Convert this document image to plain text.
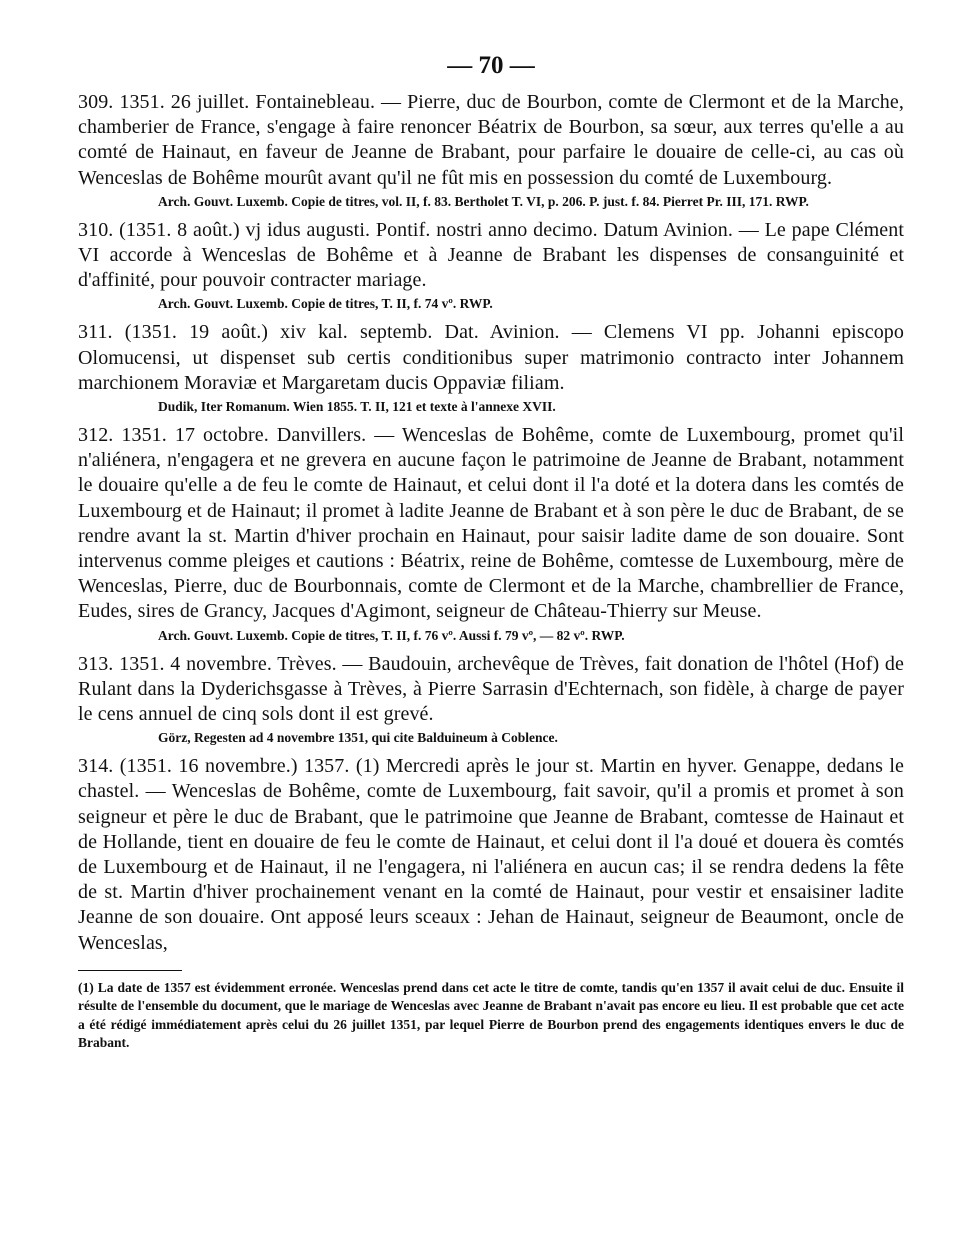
— 70 —

309. 1351. 26 juillet. Fontainebleau. — Pierre, duc de Bourbon, comte de Clermont et de la Marche, chamberier de France, s'engage à faire renoncer Béatrix de Bourbon, sa sœur, aux terres qu'elle a au comté de Hainaut, en faveur de Jeanne de Brabant, pour parfaire le douaire de celle-ci, au cas où Wenceslas de Bohême mourût avant qu'il ne fût mis en possession du comté de Luxembourg.

Arch. Gouvt. Luxemb. Copie de titres, vol. II, f. 83. Bertholet T. VI, p. 206. P. just. f. 84. Pierret Pr. III, 171. RWP.

310. (1351. 8 août.) vj idus augusti. Pontif. nostri anno decimo. Datum Avinion. — Le pape Clément VI accorde à Wenceslas de Bohême et à Jeanne de Brabant les dispenses de consanguinité et d'affinité, pour pouvoir contracter mariage.

Arch. Gouvt. Luxemb. Copie de titres, T. II, f. 74 vº. RWP.

311. (1351. 19 août.) xiv kal. septemb. Dat. Avinion. — Clemens VI pp. Johanni episcopo Olomucensi, ut dispenset sub certis conditionibus super matrimonio contracto inter Johannem marchionem Moraviæ et Margaretam ducis Oppaviæ filiam.

Dudik, Iter Romanum. Wien 1855. T. II, 121 et texte à l'annexe XVII.

312. 1351. 17 octobre. Danvillers. — Wenceslas de Bohême, comte de Luxembourg, promet qu'il n'aliénera, n'engagera et ne grevera en aucune façon le patrimoine de Jeanne de Brabant, notamment le douaire qu'elle a de feu le comte de Hainaut, et celui dont il l'a doté et la dotera dans les comtés de Luxembourg et de Hainaut; il promet à ladite Jeanne de Brabant et à son père le duc de Brabant, de se rendre avant la st. Martin d'hiver prochain en Hainaut, pour saisir ladite dame de son douaire. Sont intervenus comme pleiges et cautions : Béatrix, reine de Bohême, comtesse de Luxembourg, mère de Wenceslas, Pierre, duc de Bourbonnais, comte de Clermont et de la Marche, chambrellier de France, Eudes, sires de Grancy, Jacques d'Agimont, seigneur de Château-Thierry sur Meuse.

Arch. Gouvt. Luxemb. Copie de titres, T. II, f. 76 vº. Aussi f. 79 vº, — 82 vº. RWP.

313. 1351. 4 novembre. Trèves. — Baudouin, archevêque de Trèves, fait donation de l'hôtel (Hof) de Rulant dans la Dyderichsgasse à Trèves, à Pierre Sarrasin d'Echternach, son fidèle, à charge de payer le cens annuel de cinq sols dont il est grevé.

Görz, Regesten ad 4 novembre 1351, qui cite Balduineum à Coblence.

314. (1351. 16 novembre.) 1357. (1) Mercredi après le jour st. Martin en hyver. Genappe, dedans le chastel. — Wenceslas de Bohême, comte de Luxembourg, fait savoir, qu'il a promis et promet à son seigneur et père le duc de Brabant, que le patrimoine que Jeanne de Brabant, comtesse de Hainaut et de Hollande, tient en douaire de feu le comte de Hainaut, et celui dont il l'a doué et douera ès comtés de Luxembourg et de Hainaut, il ne l'engagera, ni l'aliénera en aucun cas; il se rendra dedens la fête de st. Martin d'hiver prochainement venant en la comté de Hainaut, pour vestir et ensaisiner ladite Jeanne de son douaire. Ont apposé leurs sceaux : Jehan de Hainaut, seigneur de Beaumont, oncle de Wenceslas,

(1) La date de 1357 est évidemment erronée. Wenceslas prend dans cet acte le titre de comte, tandis qu'en 1357 il avait celui de duc. Ensuite il résulte de l'ensemble du document, que le mariage de Wenceslas avec Jeanne de Brabant n'avait pas encore eu lieu. Il est probable que cet acte a été rédigé immédiatement après celui du 26 juillet 1351, par lequel Pierre de Bourbon prend des engagements identiques envers le duc de Brabant.
